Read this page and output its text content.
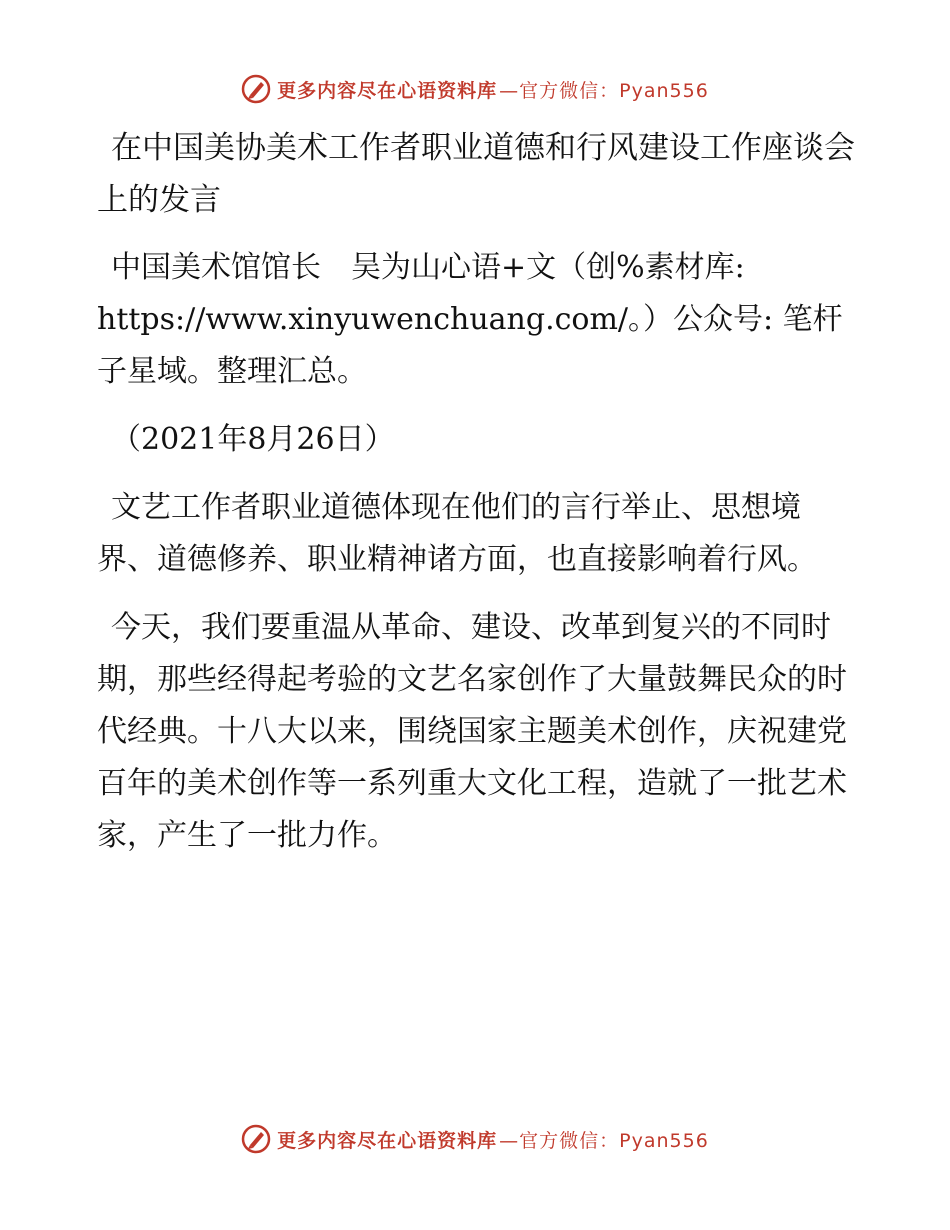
更多内容尽在心语资料库 —官方微信：Pyan556

在中国美协美术工作者职业道德和行风建设工作座谈会上的发言

中国美术馆馆长　吴为山心语+文（创%素材库: https://www.xinyuwenchuang.com/。）公众号: 笔杆子星域。整理汇总。

（2021年8月26日）

文艺工作者职业道德体现在他们的言行举止、思想境界、道德修养、职业精神诸方面，也直接影响着行风。

今天，我们要重温从革命、建设、改革到复兴的不同时期，那些经得起考验的文艺名家创作了大量鼓舞民众的时代经典。十八大以来，围绕国家主题美术创作，庆祝建党百年的美术创作等一系列重大文化工程，造就了一批艺术家，产生了一批力作。

更多内容尽在心语资料库 —官方微信：Pyan556
